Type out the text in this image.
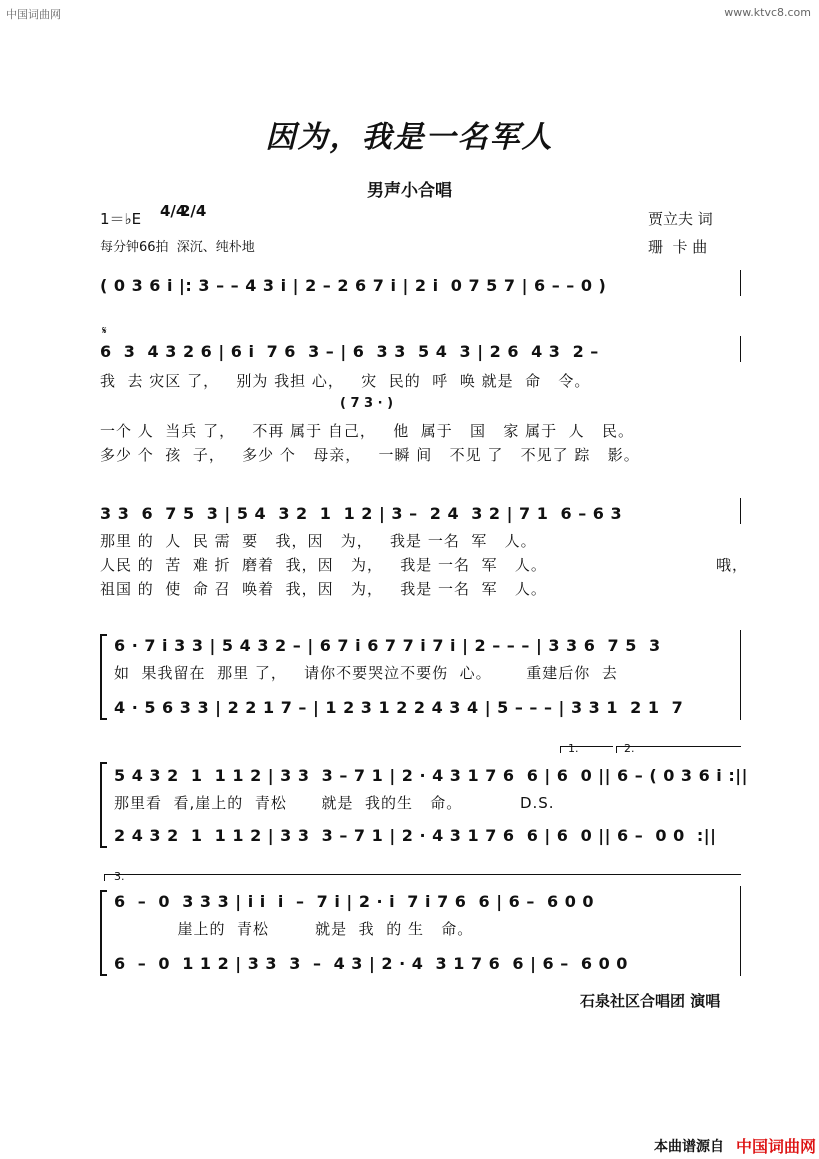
中国词曲网	www.ktvc8.com
因为，我是一名军人
男声小合唱
1＝♭E 4/4
2/4
每分钟66拍  深沉、纯朴地
贾立夫 词
珊  卡 曲
( 0 3 6 i |: 3 – – 4 3 i | 2 – 2 6 7 i | 2 i  0 7 5 7 | 6 – – 0 )
𝄋
6  3  4 3 2 6 | 6 i  7 6  3 – | 6  3 3  5 4  3 | 2 6  4 3  2 –
我  去 灾区 了，   别为 我担 心，   灾  民的  呼  唤 就是  命   令。
( 7 3 · )
一个 人  当兵 了，   不再 属于 自己，   他  属于   国   家 属于  人   民。
多少 个  孩  子，   多少 个   母亲，   一瞬 间   不见 了   不见了 踪   影。
3 3  6  7 5  3 | 5 4  3 2  1  1 2 | 3 –  2 4  3 2 | 7 1  6 – 6 3
那里 的  人  民 需  要   我，因   为，   我是 一名  军   人。
人民 的  苦  难 折  磨着  我，因   为，   我是 一名  军   人。
祖国 的  使  命 召  唤着  我，因   为，   我是 一名  军   人。
哦，
6 · 7 i 3 3 | 5 4 3 2 – | 6 7 i 6 7 7 i 7 i | 2 – – – | 3 3 6  7 5  3
如  果我留在  那里 了，   请你不要哭泣不要伤  心。      重建后你  去
4 · 5 6 3 3 | 2 2 1 7 – | 1 2 3 1 2 2 4 3 4 | 5 – – – | 3 3 1  2 1  7
1.	2.
5 4 3 2  1  1 1 2 | 3 3  3 – 7 1 | 2 · 4 3 1 7 6  6 | 6  0 || 6 – ( 0 3 6 i :||
那里看  看,崖上的  青松      就是  我的生   命。          D.S.
2 4 3 2  1  1 1 2 | 3 3  3 – 7 1 | 2 · 4 3 1 7 6  6 | 6  0 || 6 –  0 0  :||
3.
6  –  0  3 3 3 | i i  i  –  7 i | 2 · i  7 i 7 6  6 | 6 –  6 0 0
崖上的  青松        就是  我  的 生   命。
6  –  0  1 1 2 | 3 3  3  –  4 3 | 2 · 4  3 1 7 6  6 | 6 –  6 0 0
石泉社区合唱团 演唱
本曲谱源自 中国词曲网
